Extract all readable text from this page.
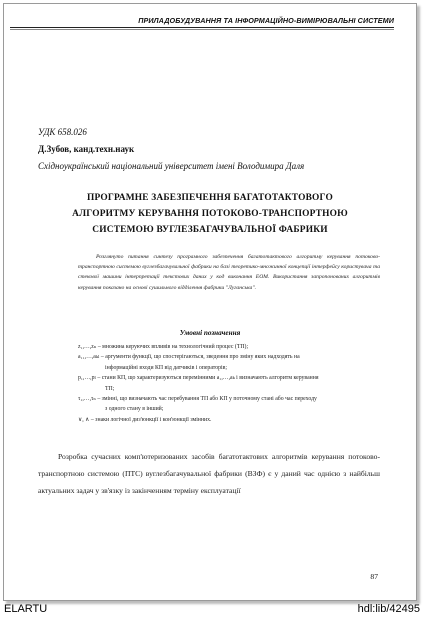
ПРИЛАДОБУДУВАННЯ ТА ІНФОРМАЦІЙНО-ВИМІРЮВАЛЬНІ СИСТЕМИ
УДК 658.026
Д.Зубов, канд.техн.наук
Східноукраїнський національний університет імені Володимира Даля
ПРОГРАМНЕ ЗАБЕЗПЕЧЕННЯ БАГАТОТАКТОВОГО
АЛГОРИТМУ КЕРУВАННЯ ПОТОКОВО-ТРАНСПОРТНОЮ
СИСТЕМОЮ ВУГЛЕЗБАГАЧУВАЛЬНОЇ ФАБРИКИ
Розглянуто питання синтезу програмного забезпечення багатотактового алгоритму керування потоково-транспортною системою вуглезбагачувальної фабрики на базі теоретико-множинної концепції інтерфейсу користувача та стекової машини інтерпретації текстових даних у код виконання ЕОМ. Використання запропонованих алгоритмів керування показано на основі сушильного відділення фабрики "Луганська".
Умовні позначення

z₁,…,zₙ – множина керуючих впливів на технологічний процес (ТП);

a₁₁,…,aₖₗ – аргументи функції, що спостерігаються, зведення про зміну яких надходять на

інформаційні входи КП від датчиків і операторів;

p₁,…,pₗ – стани КП, що характеризуються перемінними a₁,…,aₖ і визначають алгоритм керування

ТП;

τ₁,…,τₙ – змінні, що визначають час перебування ТП або КП у поточному стані або час переходу

з одного стану в інший;

∨, ∧ – знаки логічної диз'юнкції і кон'юнкції змінних.

Розробка сучасних комп'ютеризованих засобів багатотактових алгоритмів керування потоково-транспортною системою (ПТС) вуглезбагачувальної фабрики (ВЗФ) є у даний час однією з найбільш актуальних задач у зв'язку із закінченням терміну експлуатації
87
ELARTU	hdl:lib/42495
